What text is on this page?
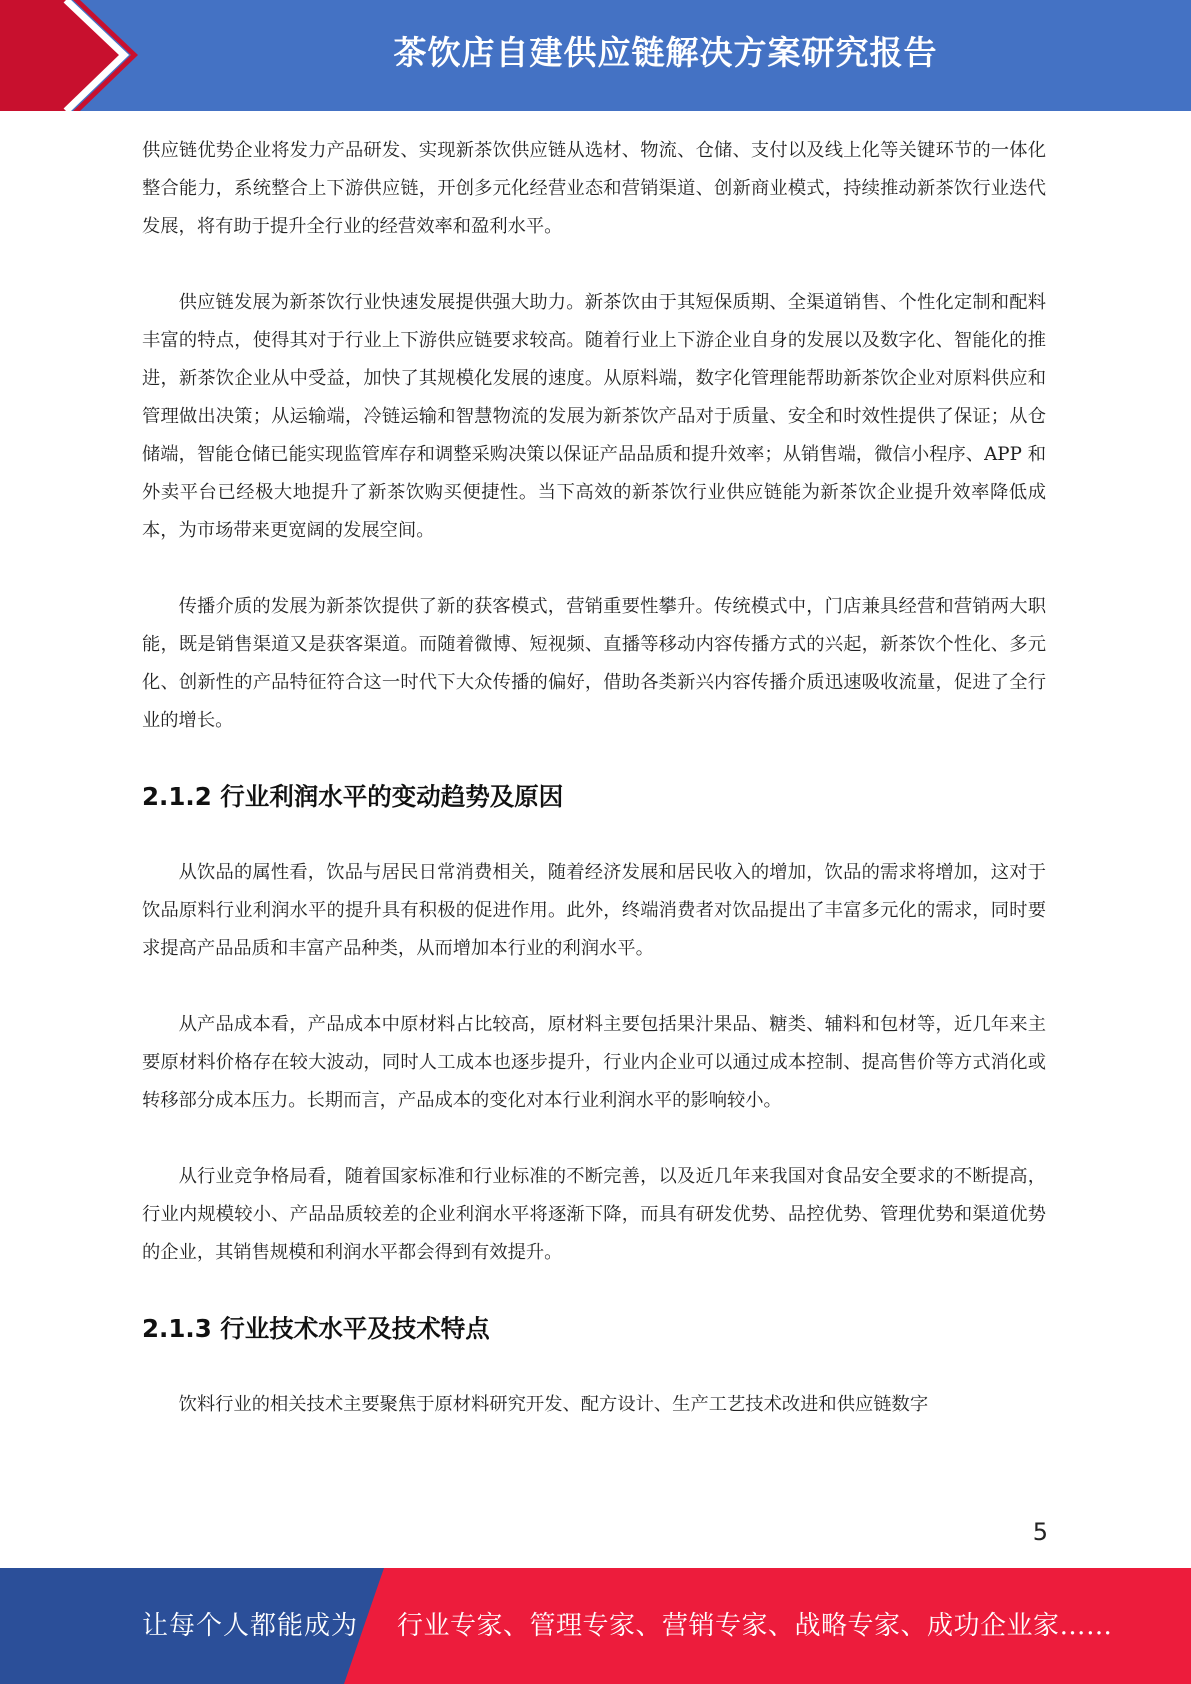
茶饮店自建供应链解决方案研究报告

供应链优势企业将发力产品研发、实现新茶饮供应链从选材、物流、仓储、支付以及线上化等关键环节的一体化整合能力，系统整合上下游供应链，开创多元化经营业态和营销渠道、创新商业模式，持续推动新茶饮行业迭代发展，将有助于提升全行业的经营效率和盈利水平。

供应链发展为新茶饮行业快速发展提供强大助力。新茶饮由于其短保质期、全渠道销售、个性化定制和配料丰富的特点，使得其对于行业上下游供应链要求较高。随着行业上下游企业自身的发展以及数字化、智能化的推进，新茶饮企业从中受益，加快了其规模化发展的速度。从原料端，数字化管理能帮助新茶饮企业对原料供应和管理做出决策；从运输端，冷链运输和智慧物流的发展为新茶饮产品对于质量、安全和时效性提供了保证；从仓储端，智能仓储已能实现监管库存和调整采购决策以保证产品品质和提升效率；从销售端，微信小程序、APP 和外卖平台已经极大地提升了新茶饮购买便捷性。当下高效的新茶饮行业供应链能为新茶饮企业提升效率降低成本，为市场带来更宽阔的发展空间。

传播介质的发展为新茶饮提供了新的获客模式，营销重要性攀升。传统模式中，门店兼具经营和营销两大职能，既是销售渠道又是获客渠道。而随着微博、短视频、直播等移动内容传播方式的兴起，新茶饮个性化、多元化、创新性的产品特征符合这一时代下大众传播的偏好，借助各类新兴内容传播介质迅速吸收流量，促进了全行业的增长。

2.1.2 行业利润水平的变动趋势及原因

从饮品的属性看，饮品与居民日常消费相关，随着经济发展和居民收入的增加，饮品的需求将增加，这对于饮品原料行业利润水平的提升具有积极的促进作用。此外，终端消费者对饮品提出了丰富多元化的需求，同时要求提高产品品质和丰富产品种类，从而增加本行业的利润水平。

从产品成本看，产品成本中原材料占比较高，原材料主要包括果汁果品、糖类、辅料和包材等，近几年来主要原材料价格存在较大波动，同时人工成本也逐步提升，行业内企业可以通过成本控制、提高售价等方式消化或转移部分成本压力。长期而言，产品成本的变化对本行业利润水平的影响较小。

从行业竞争格局看，随着国家标准和行业标准的不断完善，以及近几年来我国对食品安全要求的不断提高，行业内规模较小、产品品质较差的企业利润水平将逐渐下降，而具有研发优势、品控优势、管理优势和渠道优势的企业，其销售规模和利润水平都会得到有效提升。

2.1.3 行业技术水平及技术特点

饮料行业的相关技术主要聚焦于原材料研究开发、配方设计、生产工艺技术改进和供应链数字

5
让每个人都能成为 行业专家、管理专家、营销专家、战略专家、成功企业家……
